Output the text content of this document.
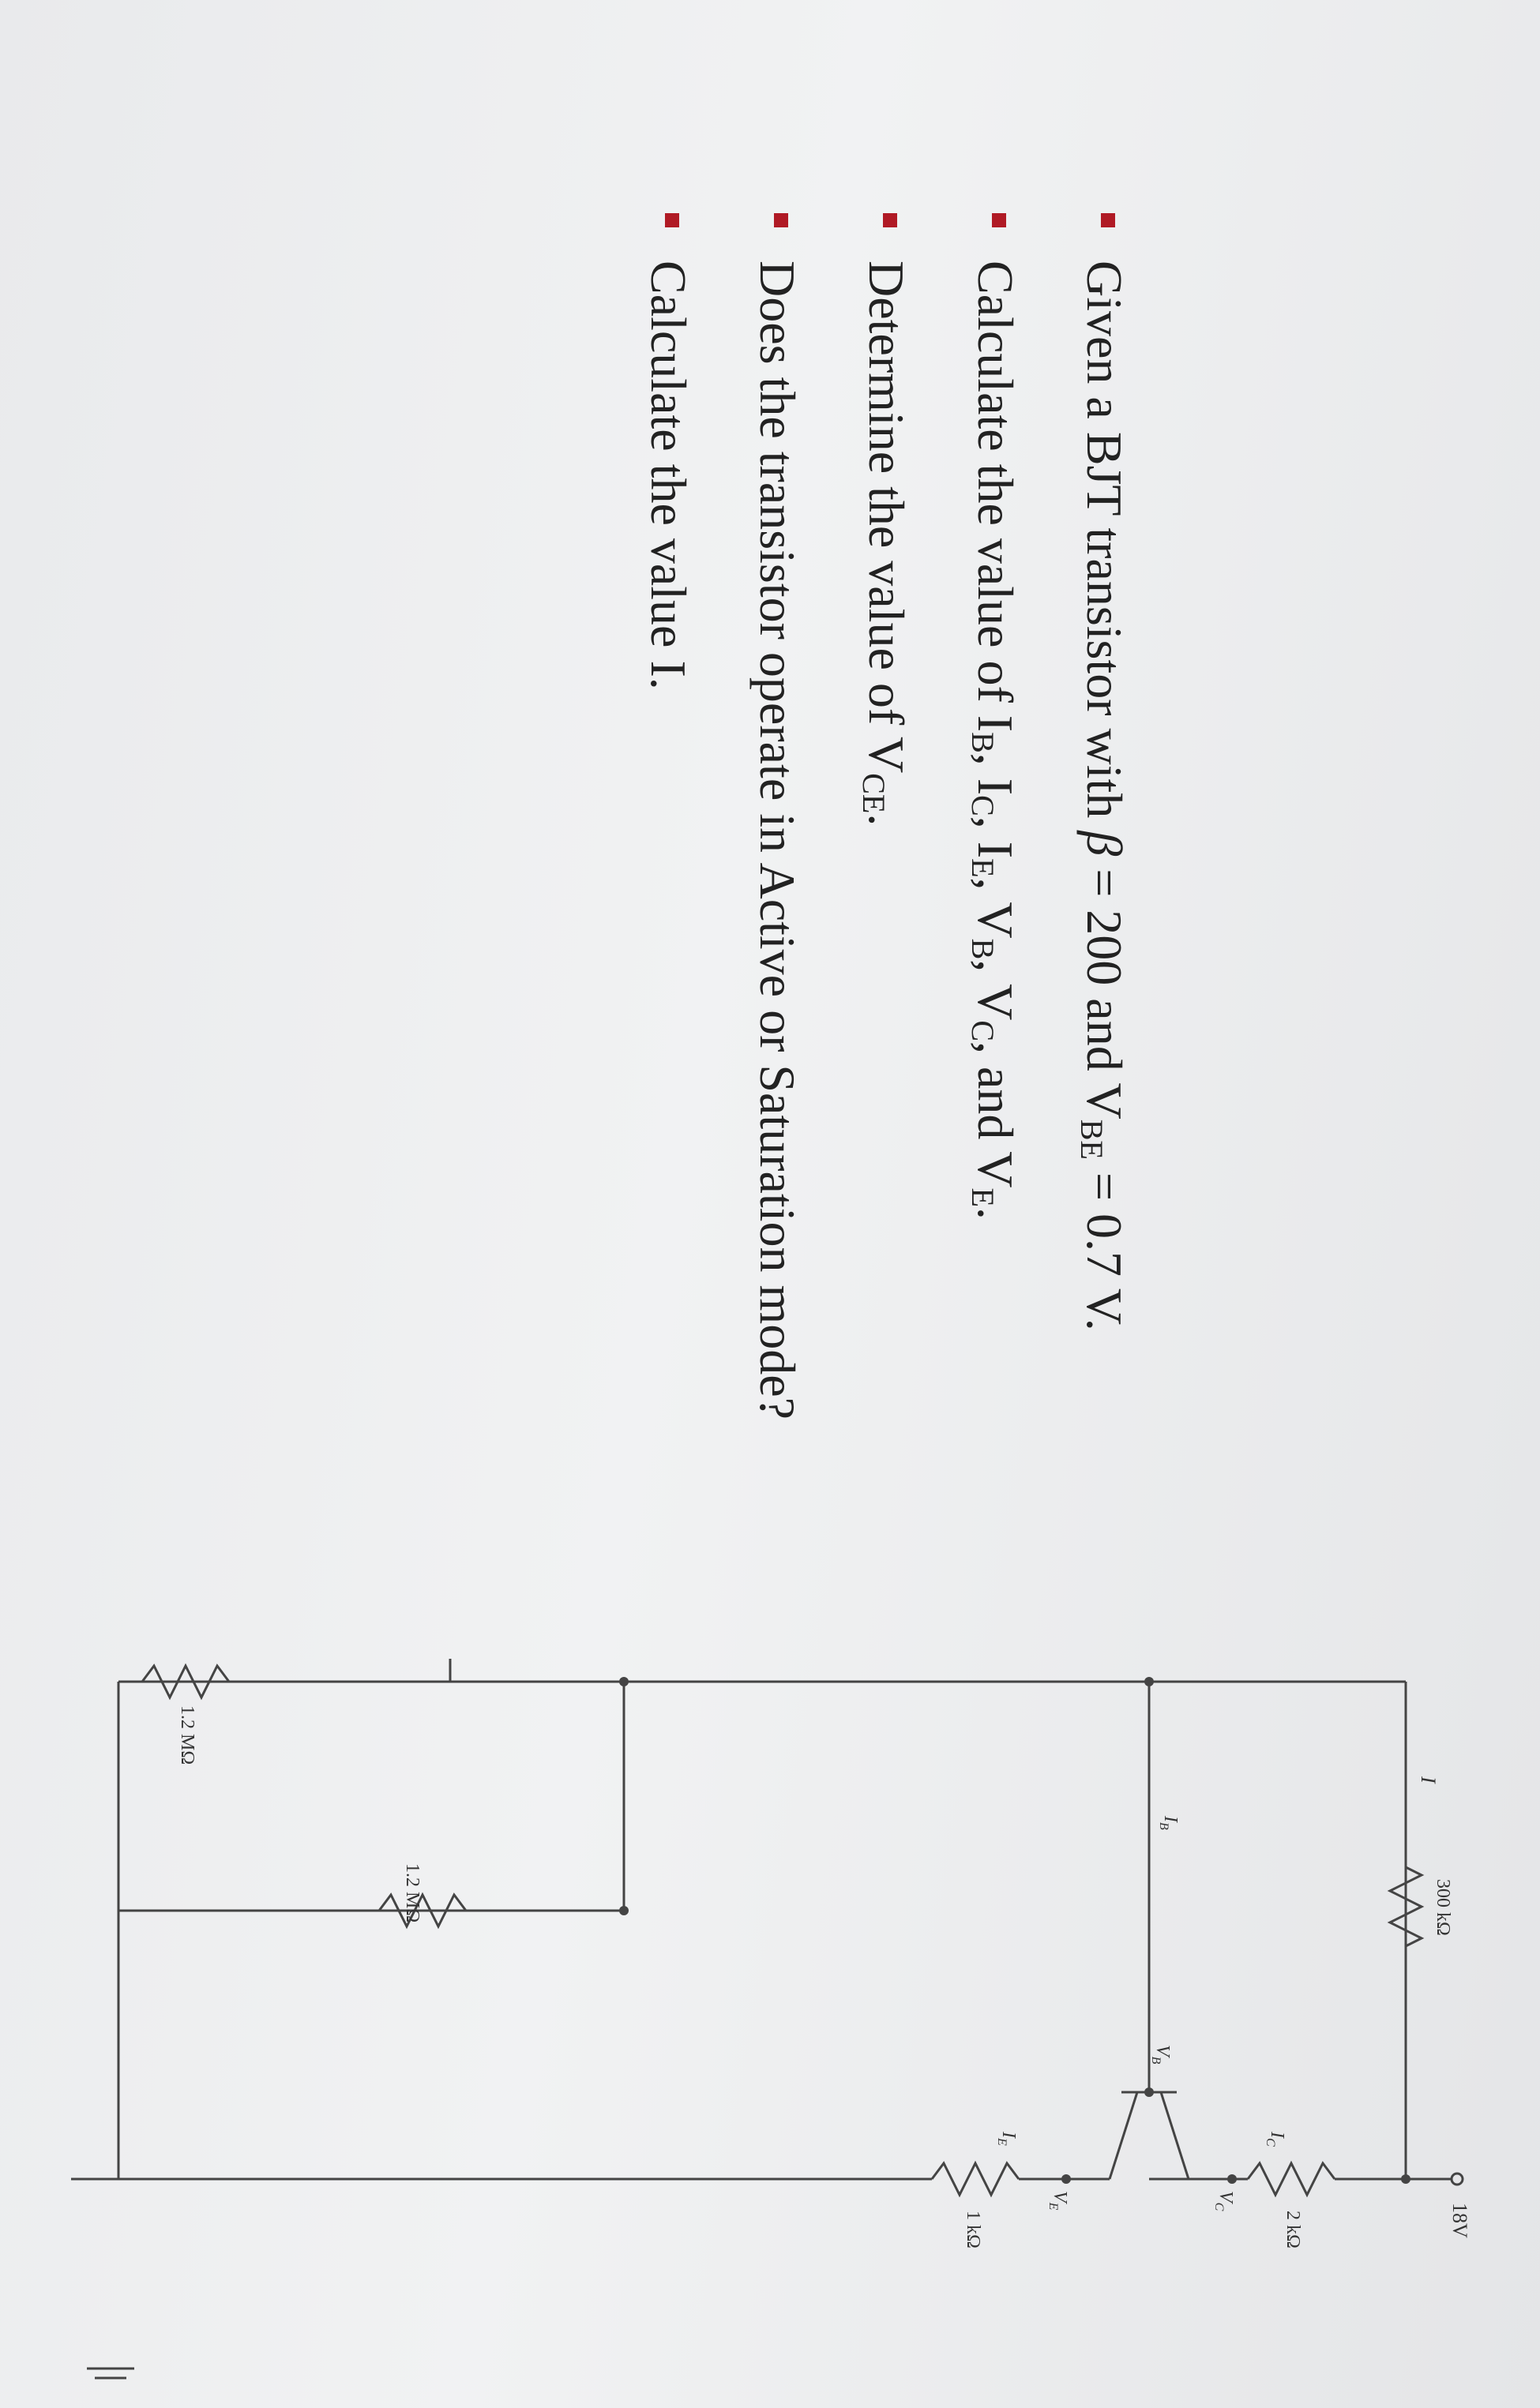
Given a BJT transistor with β = 200 and $V_{BE} = 0.7$ V.
Calculate the value of $I_B$, $I_C$, $I_E$, $V_B$, $V_C$, and $V_E$.
Determine the value of $V_{CE}$.
Does the transistor operate in Active or Saturation mode?
Calculate the value I.
18V
300 kΩ
2 kΩ
1 kΩ
1.2 MΩ
1.2 MΩ
I
$I_B$
$I_C$
$I_E$
$V_B$
$V_C$
$V_E$
